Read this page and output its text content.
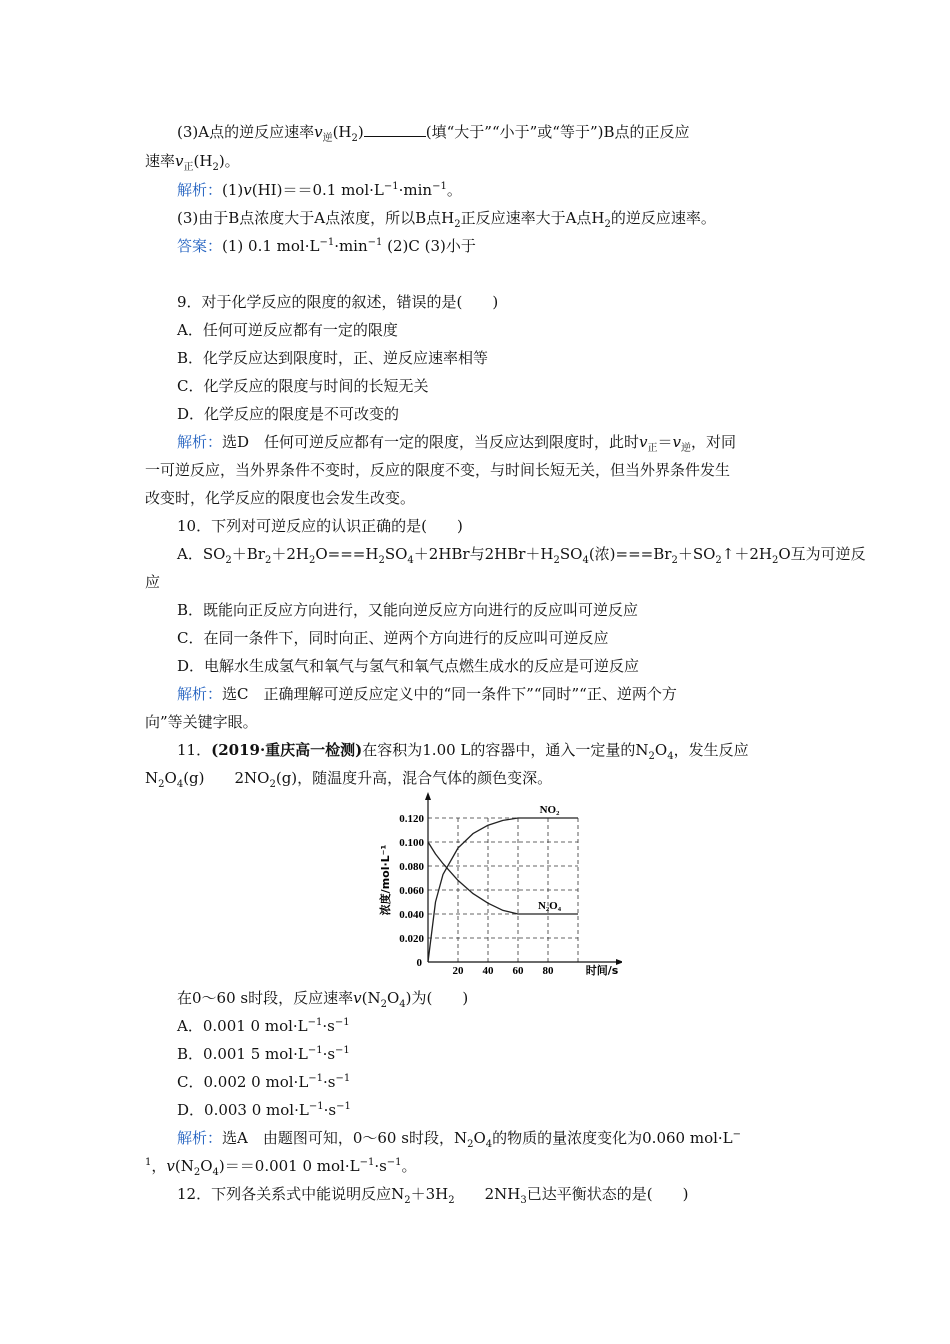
(3)A点的逆反应速率$v_逆(H_2)$	(填“大于”“小于”或“等于”)B点的正反应
速率$v_正(H_2)$。
解析：(1)v(HI)＝＝0.1 $mol\cdot L^{-1}\cdot\min^{-1}$。
(3)由于B点浓度大于A点浓度，所以B点$H_2$正反应速率大于A点$H_2$的逆反应速率。
答案：(1) 0.1 $mol\cdot L^{-1}\cdot\min^{-1}$ (2)C (3)小于
9．对于化学反应的限度的叙述，错误的是(　　)
A．任何可逆反应都有一定的限度
B．化学反应达到限度时，正、逆反应速率相等
C．化学反应的限度与时间的长短无关
D．化学反应的限度是不可改变的
解析：选D　任何可逆反应都有一定的限度，当反应达到限度时，此时$v_正=v_逆$，对同
一可逆反应，当外界条件不变时，反应的限度不变，与时间长短无关，但当外界条件发生
改变时，化学反应的限度也会发生改变。
10．下列对可逆反应的认识正确的是(　　)
A．$SO_2+Br_2+2H_2O===H_2SO_4+2HBr$与$2HBr+H_2SO_4$(浓)$===Br_2+SO_2↑+2H_2O$互为可逆反
应
B．既能向正反应方向进行，又能向逆反应方向进行的反应叫可逆反应
C．在同一条件下，同时向正、逆两个方向进行的反应叫可逆反应
D．电解水生成氢气和氧气与氢气和氧气点燃生成水的反应是可逆反应
解析：选C　正确理解可逆反应定义中的“同一条件下”“同时”“正、逆两个方
向”等关键字眼。
11．(2019·重庆高一检测)在容积为1.00 L的容器中，通入一定量的$N_2O_4$，发生反应
$N_2O_4(g)$　　$2NO_2(g)$，随温度升高，混合气体的颜色变深。
0.020
0.040
0.060
0.080
0.100
0.120
20 40 60 80
0
时间/s
浓度/mol·L⁻¹
NO₂
N₂O₄
在0～60 s时段，反应速率$v(N_2O_4)$为(　　)
A．0.001 0 $mol\cdot L^{-1}\cdot s^{-1}$
B．0.001 5 $mol\cdot L^{-1}\cdot s^{-1}$
C．0.002 0 $mol\cdot L^{-1}\cdot s^{-1}$
D．0.003 0 $mol\cdot L^{-1}\cdot s^{-1}$
解析：选A　由题图可知，0～60 s时段，$N_2O_4$的物质的量浓度变化为0.060 mol·L−
$^1$，$v(N_2O_4)==0.001$ 0 $mol\cdot L^{-1}\cdot s^{-1}$。
12．下列各关系式中能说明反应$N_2+3H_2$　　$2NH_3$已达平衡状态的是(　　)
